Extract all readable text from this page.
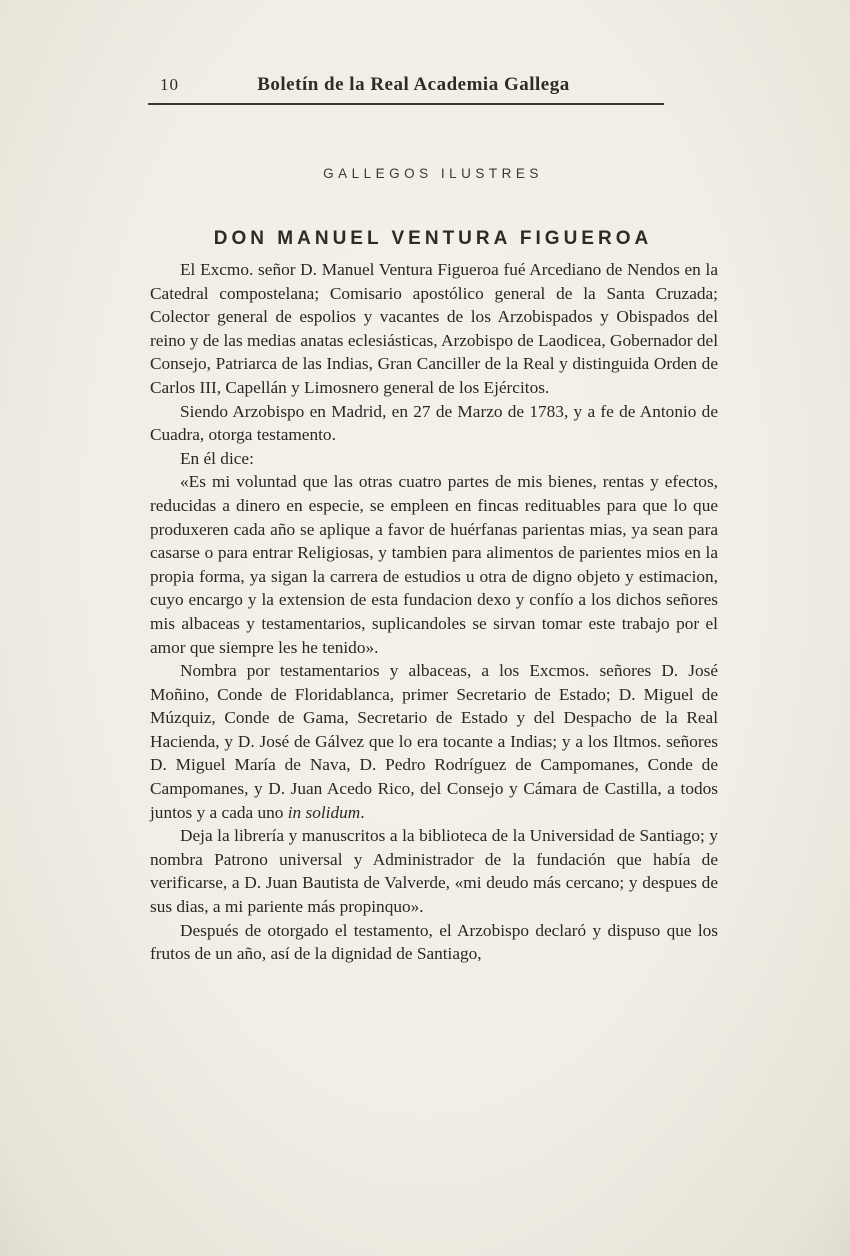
10	Boletín de la Real Academia Gallega
GALLEGOS ILUSTRES
DON MANUEL VENTURA FIGUEROA

El Excmo. señor D. Manuel Ventura Figueroa fué Arcediano de Nendos en la Catedral compostelana; Comisario apostólico general de la Santa Cruzada; Colector general de espolios y vacantes de los Arzobispados y Obispados del reino y de las medias anatas eclesiásticas, Arzobispo de Laodicea, Gobernador del Consejo, Patriarca de las Indias, Gran Canciller de la Real y distinguida Orden de Carlos III, Capellán y Limosnero general de los Ejércitos.

Siendo Arzobispo en Madrid, en 27 de Marzo de 1783, y a fe de Antonio de Cuadra, otorga testamento.

En él dice:

«Es mi voluntad que las otras cuatro partes de mis bienes, rentas y efectos, reducidas a dinero en especie, se empleen en fincas redituables para que lo que produxeren cada año se aplique a favor de huérfanas parientas mias, ya sean para casarse o para entrar Religiosas, y tambien para alimentos de parientes mios en la propia forma, ya sigan la carrera de estudios u otra de digno objeto y estimacion, cuyo encargo y la extension de esta fundacion dexo y confío a los dichos señores mis albaceas y testamentarios, suplicandoles se sirvan tomar este trabajo por el amor que siempre les he tenido».

Nombra por testamentarios y albaceas, a los Excmos. señores D. José Moñino, Conde de Floridablanca, primer Secretario de Estado; D. Miguel de Múzquiz, Conde de Gama, Secretario de Estado y del Despacho de la Real Hacienda, y D. José de Gálvez que lo era tocante a Indias; y a los Iltmos. señores D. Miguel María de Nava, D. Pedro Rodríguez de Campomanes, Conde de Campomanes, y D. Juan Acedo Rico, del Consejo y Cámara de Castilla, a todos juntos y a cada uno in solidum.

Deja la librería y manuscritos a la biblioteca de la Universidad de Santiago; y nombra Patrono universal y Administrador de la fundación que había de verificarse, a D. Juan Bautista de Valverde, «mi deudo más cercano; y despues de sus dias, a mi pariente más propinquo».

Después de otorgado el testamento, el Arzobispo declaró y dispuso que los frutos de un año, así de la dignidad de Santiago,
